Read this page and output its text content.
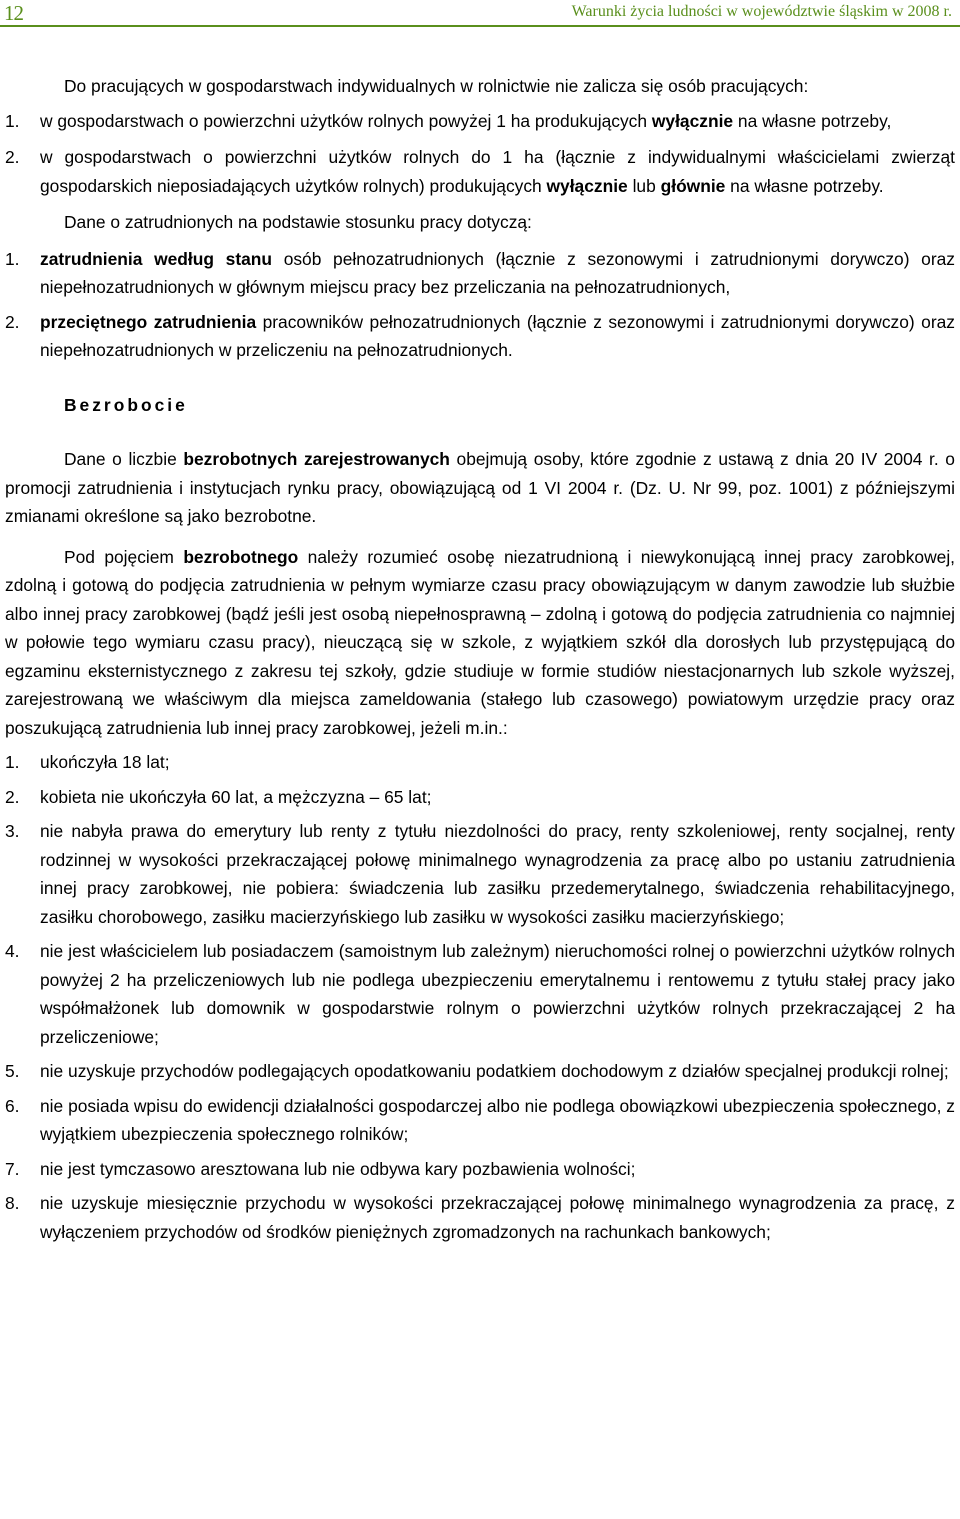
12	Warunki życia ludności w województwie śląskim w 2008 r.

Do pracujących w gospodarstwach indywidualnych w rolnictwie nie zalicza się osób pracujących:

1.	w gospodarstwach o powierzchni użytków rolnych powyżej 1 ha produkujących wyłącznie na własne potrzeby,
2.	w gospodarstwach o powierzchni użytków rolnych do 1 ha (łącznie z indywidualnymi właścicielami zwierząt gospodarskich nieposiadających użytków rolnych) produkujących wyłącznie lub głównie na własne potrzeby.

Dane o zatrudnionych na podstawie stosunku pracy dotyczą:

1.	zatrudnienia według stanu osób pełnozatrudnionych (łącznie z sezonowymi i zatrudnionymi dorywczo) oraz niepełnozatrudnionych w głównym miejscu pracy bez przeliczania na pełnozatrudnionych,
2.	przeciętnego zatrudnienia pracowników pełnozatrudnionych (łącznie z sezonowymi i zatrudnionymi dorywczo) oraz niepełnozatrudnionych w przeliczeniu na pełnozatrudnionych.
Bezrobocie

Dane o liczbie bezrobotnych zarejestrowanych obejmują osoby, które zgodnie z ustawą z dnia 20 IV 2004 r. o promocji zatrudnienia i instytucjach rynku pracy, obowiązującą od 1 VI 2004 r. (Dz. U. Nr 99, poz. 1001) z późniejszymi zmianami określone są jako bezrobotne.

Pod pojęciem bezrobotnego należy rozumieć osobę niezatrudnioną i niewykonującą innej pracy zarobkowej, zdolną i gotową do podjęcia zatrudnienia w pełnym wymiarze czasu pracy obowiązującym w danym zawodzie lub służbie albo innej pracy zarobkowej (bądź jeśli jest osobą niepełnosprawną – zdolną i gotową do podjęcia zatrudnienia co najmniej w połowie tego wymiaru czasu pracy), nieuczącą się w szkole, z wyjątkiem szkół dla dorosłych lub przystępującą do egzaminu eksternistycznego z zakresu tej szkoły, gdzie studiuje w formie studiów niestacjonarnych lub szkole wyższej, zarejestrowaną we właściwym dla miejsca zameldowania (stałego lub czasowego) powiatowym urzędzie pracy oraz poszukującą zatrudnienia lub innej pracy zarobkowej, jeżeli m.in.:

1.	ukończyła 18 lat;
2.	kobieta nie ukończyła 60 lat, a mężczyzna – 65 lat;
3.	nie nabyła prawa do emerytury lub renty z tytułu niezdolności do pracy, renty szkoleniowej, renty socjalnej, renty rodzinnej w wysokości przekraczającej połowę minimalnego wynagrodzenia za pracę albo po ustaniu zatrudnienia innej pracy zarobkowej, nie pobiera: świadczenia lub zasiłku przedemerytalnego, świadczenia rehabilitacyjnego, zasiłku chorobowego, zasiłku macierzyńskiego lub zasiłku w wysokości zasiłku macierzyńskiego;
4.	nie jest właścicielem lub posiadaczem (samoistnym lub zależnym) nieruchomości rolnej o powierzchni użytków rolnych powyżej 2 ha przeliczeniowych lub nie podlega ubezpieczeniu emerytalnemu i rentowemu z tytułu stałej pracy jako współmałżonek lub domownik w gospodarstwie rolnym o powierzchni użytków rolnych przekraczającej 2 ha przeliczeniowe;
5.	nie uzyskuje przychodów podlegających opodatkowaniu podatkiem dochodowym z działów specjalnej produkcji rolnej;
6.	nie posiada wpisu do ewidencji działalności gospodarczej albo nie podlega obowiązkowi ubezpieczenia społecznego, z wyjątkiem ubezpieczenia społecznego rolników;
7.	nie jest tymczasowo aresztowana lub nie odbywa kary pozbawienia wolności;
8.	nie uzyskuje miesięcznie przychodu w wysokości przekraczającej połowę minimalnego wynagrodzenia za pracę, z wyłączeniem przychodów od środków pieniężnych zgromadzonych na rachunkach bankowych;
